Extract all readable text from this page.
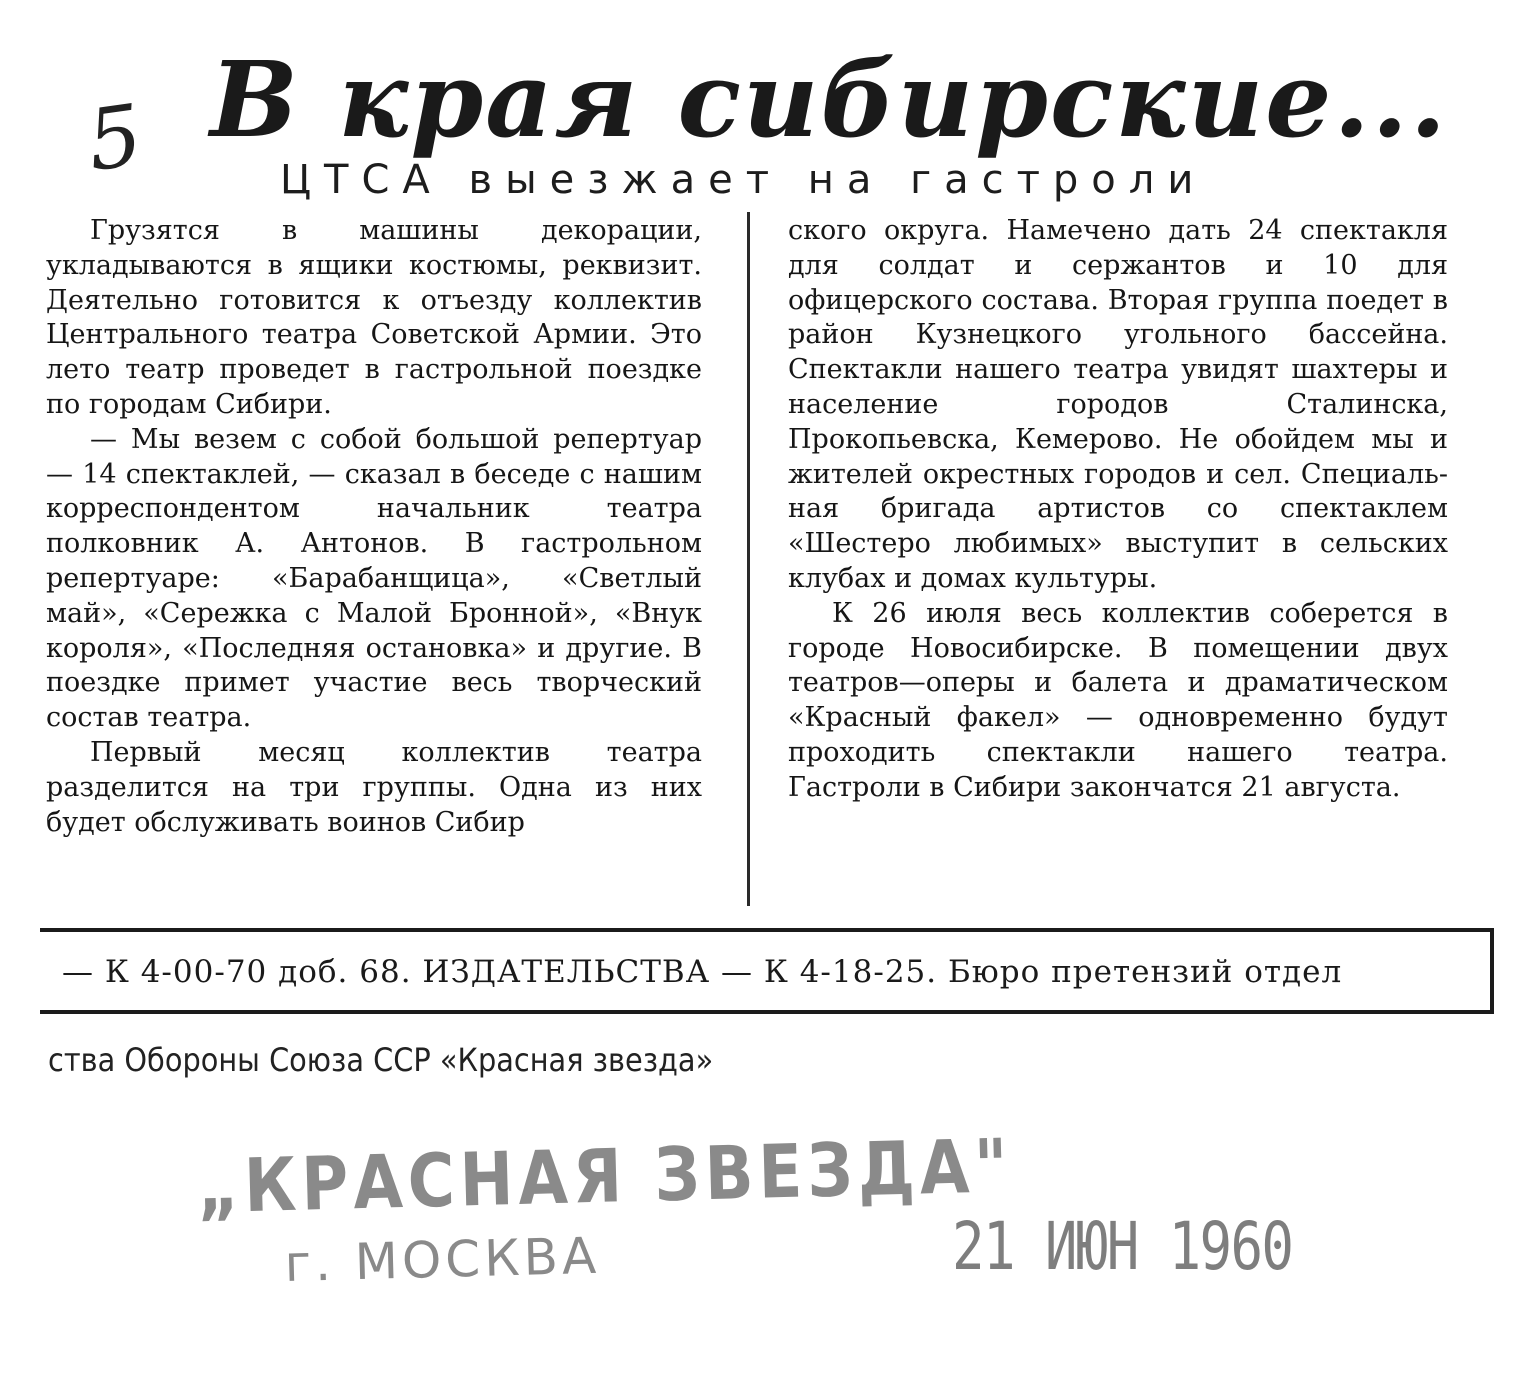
5 В края сибирские...
ЦТСА выезжает на гастроли

Грузятся в машины декорации, укладываются в ящики костюмы, реквизит. Деятельно готовится к отъезду коллектив Центрального театра Советской Армии. Это лето театр проведет в гастрольной поездке по городам Сибири.

— Мы везем с собой большой репертуар — 14 спектаклей, — сказал в беседе с нашим корреспондентом начальник театра полковник А. Антонов. В гастрольном репертуаре: «Барабанщица», «Светлый май», «Сережка с Малой Бронной», «Внук короля», «Последняя остановка» и другие. В поездке примет участие весь творческий состав театра.

Первый месяц коллектив театра разделится на три группы. Одна из них будет обслуживать воинов Сибир

ского округа. Намечено дать 24 спектакля для солдат и сержантов и 10 для офицерского состава. Вторая группа поедет в район Кузнецкого угольного бассейна. Спектакли нашего театра увидят шахтеры и население городов Сталинска, Прокопьевска, Кемерово. Не обойдем мы и жителей окрестных городов и сел. Специальная бригада артистов со спектаклем «Шестеро любимых» выступит в сельских клубах и домах культуры.

К 26 июля весь коллектив соберется в городе Новосибирске. В помещении двух театров—оперы и балета и драматическом «Красный факел» — одновременно будут проходить спектакли нашего театра. Гастроли в Сибири закончатся 21 августа.

— К 4-00-70 доб. 68. ИЗДАТЕЛЬСТВА — К 4-18-25. Бюро претензий отдел
ства Обороны Союза ССР «Красная звезда»
„КРАСНАЯ ЗВЕЗДА"
г. МОСКВА	21 ИЮН 1960
